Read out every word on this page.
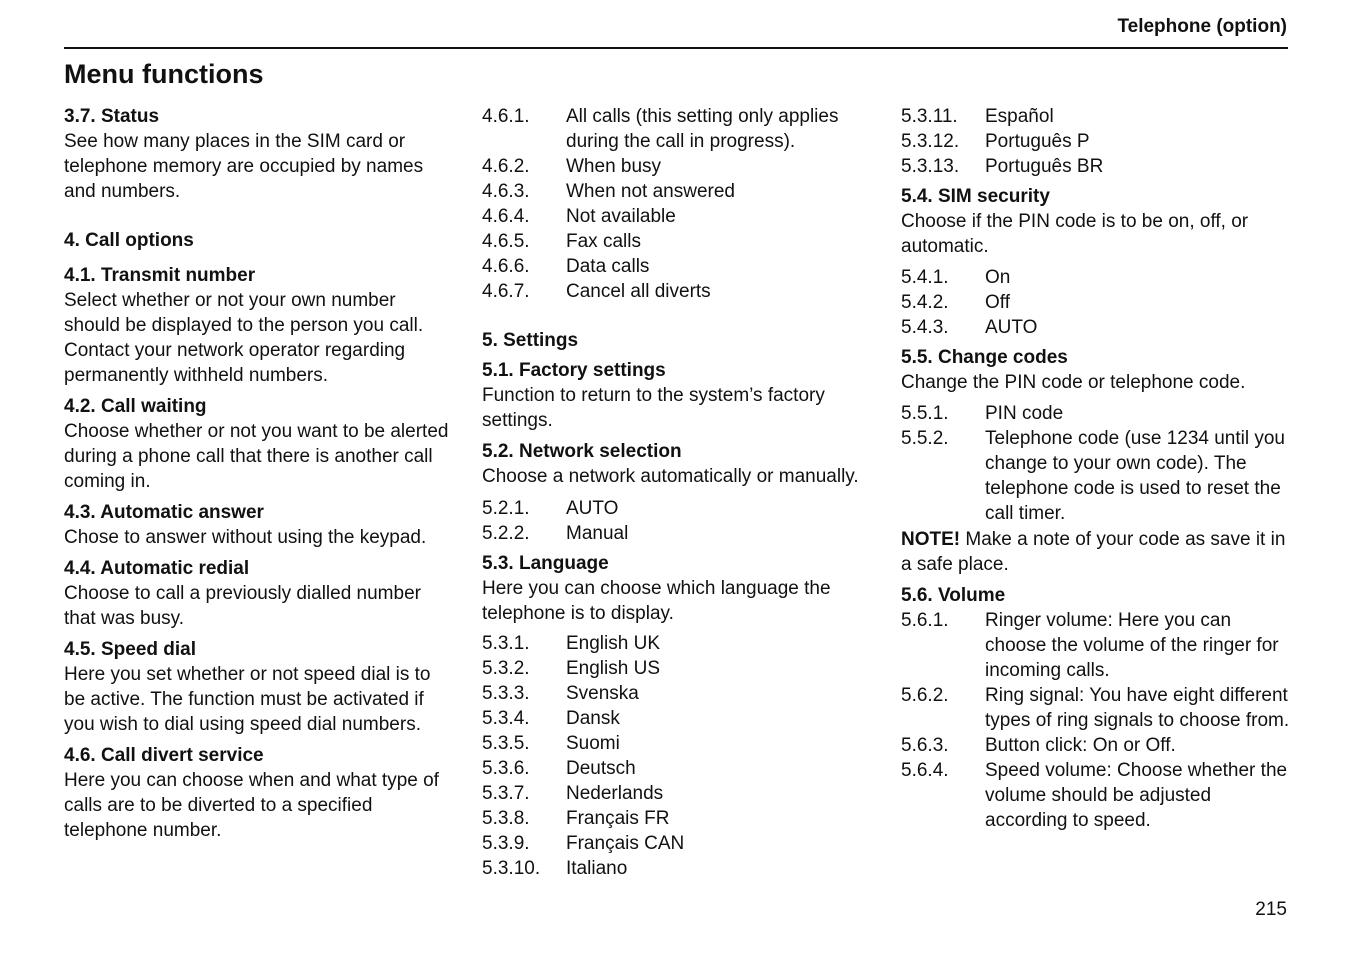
Telephone (option)
Menu functions
3.7. Status

See how many places in the SIM card or telephone memory are occupied by names and numbers.

4. Call options
4.1. Transmit number

Select whether or not your own number should be displayed to the person you call. Contact your network operator regarding permanently withheld numbers.

4.2. Call waiting

Choose whether or not you want to be alerted during a phone call that there is another call coming in.

4.3. Automatic answer

Chose to answer without using the keypad.

4.4. Automatic redial

Choose to call a previously dialled number that was busy.

4.5. Speed dial

Here you set whether or not speed dial is to be active. The function must be activated if you wish to dial using speed dial numbers.

4.6. Call divert service

Here you can choose when and what type of calls are to be diverted to a specified telephone number.

4.6.1.	All calls (this setting only applies during the call in progress).
4.6.2.	When busy
4.6.3.	When not answered
4.6.4.	Not available
4.6.5.	Fax calls
4.6.6.	Data calls
4.6.7.	Cancel all diverts
5. Settings
5.1. Factory settings

Function to return to the system’s factory settings.

5.2. Network selection

Choose a network automatically or manually.

5.2.1.	AUTO
5.2.2.	Manual
5.3. Language

Here you can choose which language the telephone is to display.

5.3.1.	English UK
5.3.2.	English US
5.3.3.	Svenska
5.3.4.	Dansk
5.3.5.	Suomi
5.3.6.	Deutsch
5.3.7.	Nederlands
5.3.8.	Français FR
5.3.9.	Français CAN
5.3.10.	Italiano
5.3.11.	Español
5.3.12.	Português P
5.3.13.	Português BR
5.4. SIM security

Choose if the PIN code is to be on, off, or automatic.

5.4.1.	On
5.4.2.	Off
5.4.3.	AUTO
5.5. Change codes

Change the PIN code or telephone code.

5.5.1.	PIN code
5.5.2.	Telephone code (use 1234 until you change to your own code). The telephone code is used to reset the call timer.

NOTE! Make a note of your code as save it in a safe place.

5.6. Volume
5.6.1.	Ringer volume: Here you can choose the volume of the ringer for incoming calls.
5.6.2.	Ring signal: You have eight different types of ring signals to choose from.
5.6.3.	Button click: On or Off.
5.6.4.	Speed volume: Choose whether the volume should be adjusted according to speed.
215
